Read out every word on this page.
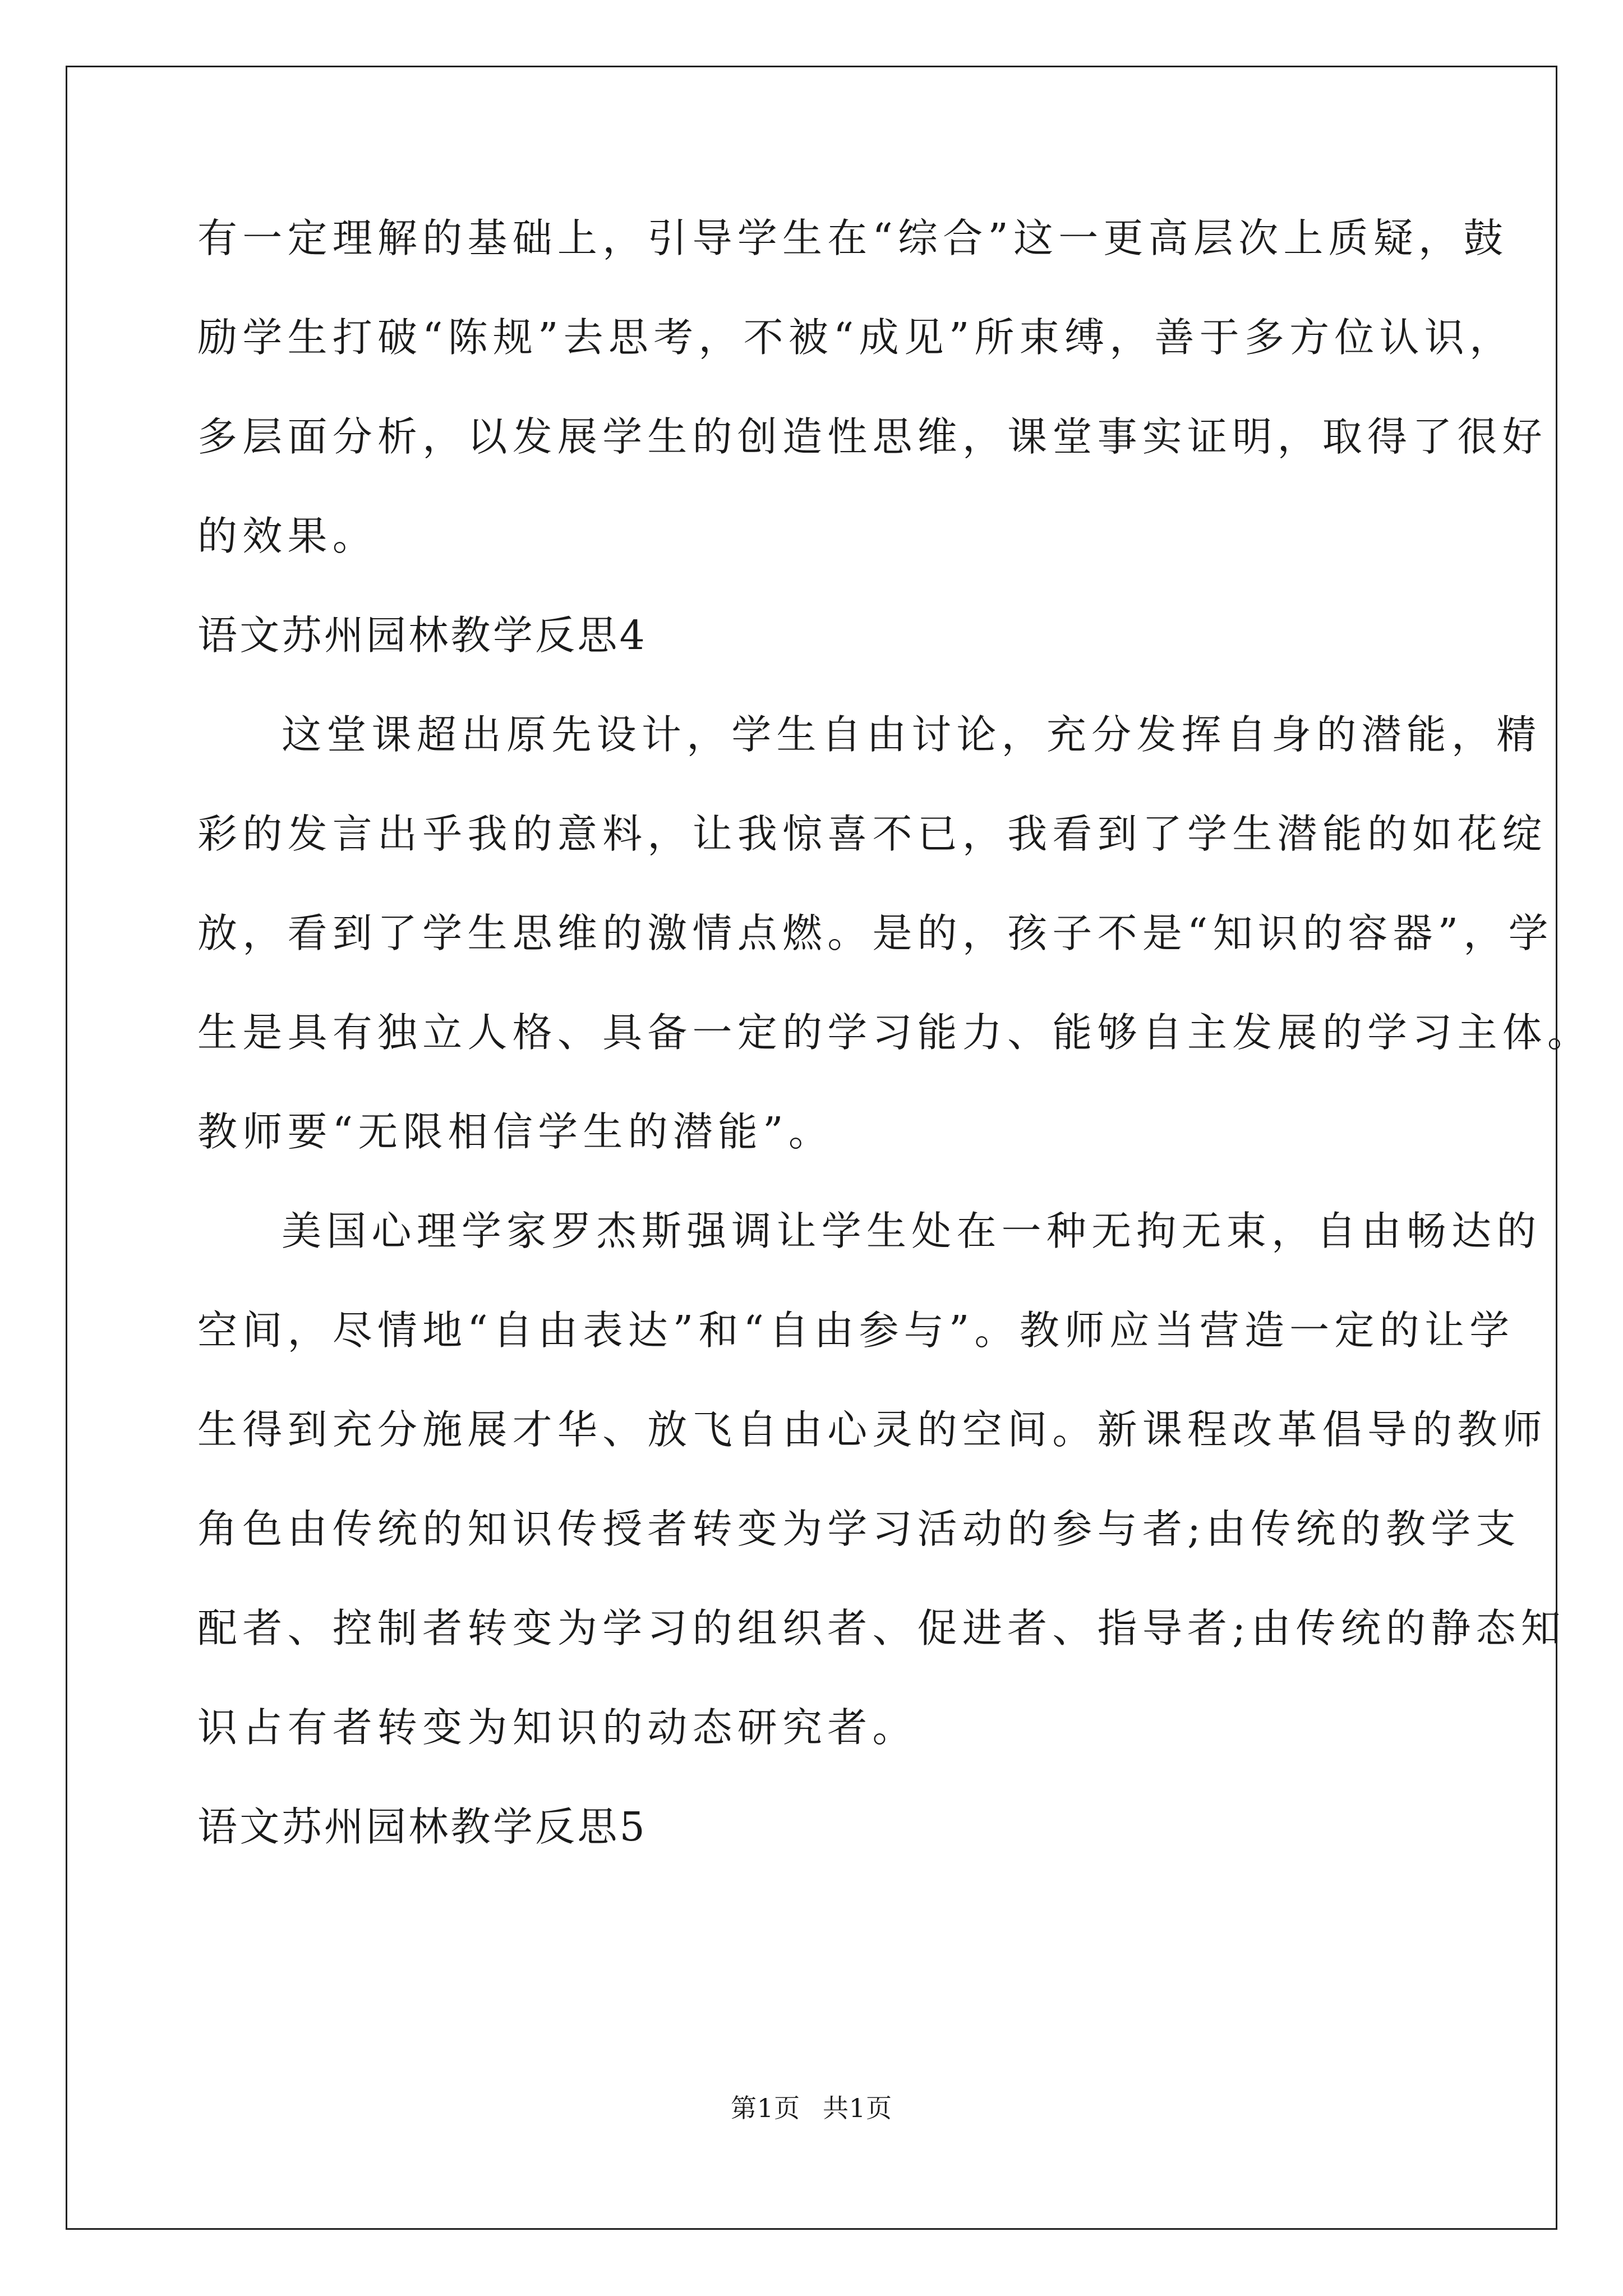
有一定理解的基础上，引导学生在“综合”这一更高层次上质疑，鼓
励学生打破“陈规”去思考，不被“成见”所束缚，善于多方位认识，
多层面分析，以发展学生的创造性思维，课堂事实证明，取得了很好
的效果。
语文苏州园林教学反思4
这堂课超出原先设计，学生自由讨论，充分发挥自身的潜能，精
彩的发言出乎我的意料，让我惊喜不已，我看到了学生潜能的如花绽
放，看到了学生思维的激情点燃。是的，孩子不是“知识的容器”，学
生是具有独立人格、具备一定的学习能力、能够自主发展的学习主体。
教师要“无限相信学生的潜能”。
美国心理学家罗杰斯强调让学生处在一种无拘无束，自由畅达的
空间，尽情地“自由表达”和“自由参与”。教师应当营造一定的让学
生得到充分施展才华、放飞自由心灵的空间。新课程改革倡导的教师
角色由传统的知识传授者转变为学习活动的参与者;由传统的教学支
配者、控制者转变为学习的组织者、促进者、指导者;由传统的静态知
识占有者转变为知识的动态研究者。
语文苏州园林教学反思5
第1页 共1页
